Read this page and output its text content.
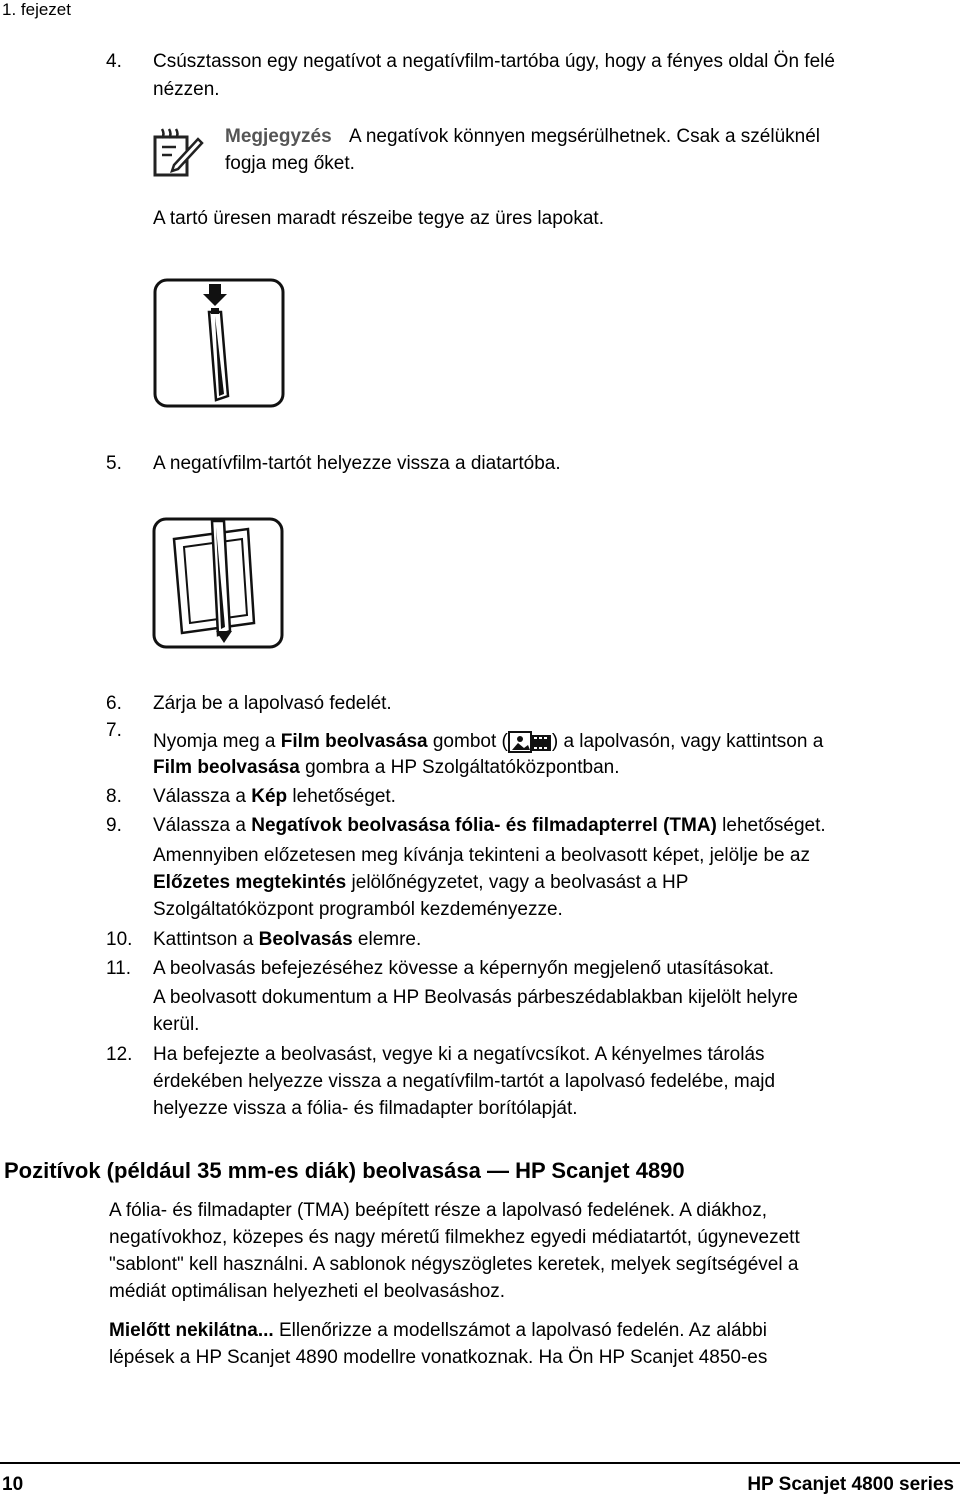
1. fejezet
4. Csúsztasson egy negatívot a negatívfilm-tartóba úgy, hogy a fényes oldal Ön felé
nézzen.
Megjegyzés A negatívok könnyen megsérülhetnek. Csak a szélüknél
fogja meg őket.
A tartó üresen maradt részeibe tegye az üres lapokat.
5. A negatívfilm-tartót helyezze vissza a diatartóba.
6. Zárja be a lapolvasó fedelét.
7.
Nyomja meg a Film beolvasása gombot ( ) a lapolvasón, vagy kattintson a
Film beolvasása gombra a HP Szolgáltatóközpontban.
8. Válassza a Kép lehetőséget.
9. Válassza a Negatívok beolvasása fólia- és filmadapterrel (TMA) lehetőséget.
Amennyiben előzetesen meg kívánja tekinteni a beolvasott képet, jelölje be az
Előzetes megtekintés jelölőnégyzetet, vagy a beolvasást a HP
Szolgáltatóközpont programból kezdeményezze.
10. Kattintson a Beolvasás elemre.
11. A beolvasás befejezéséhez kövesse a képernyőn megjelenő utasításokat.
A beolvasott dokumentum a HP Beolvasás párbeszédablakban kijelölt helyre
kerül.
12. Ha befejezte a beolvasást, vegye ki a negatívcsíkot. A kényelmes tárolás
érdekében helyezze vissza a negatívfilm-tartót a lapolvasó fedelébe, majd
helyezze vissza a fólia- és filmadapter borítólapját.
Pozitívok (például 35 mm-es diák) beolvasása — HP Scanjet 4890
A fólia- és filmadapter (TMA) beépített része a lapolvasó fedelének. A diákhoz,
negatívokhoz, közepes és nagy méretű filmekhez egyedi médiatartót, úgynevezett
"sablont" kell használni. A sablonok négyszögletes keretek, melyek segítségével a
médiát optimálisan helyezheti el beolvasáshoz.
Mielőtt nekilátna... Ellenőrizze a modellszámot a lapolvasó fedelén. Az alábbi
lépések a HP Scanjet 4890 modellre vonatkoznak. Ha Ön HP Scanjet 4850-es
10	HP Scanjet 4800 series
